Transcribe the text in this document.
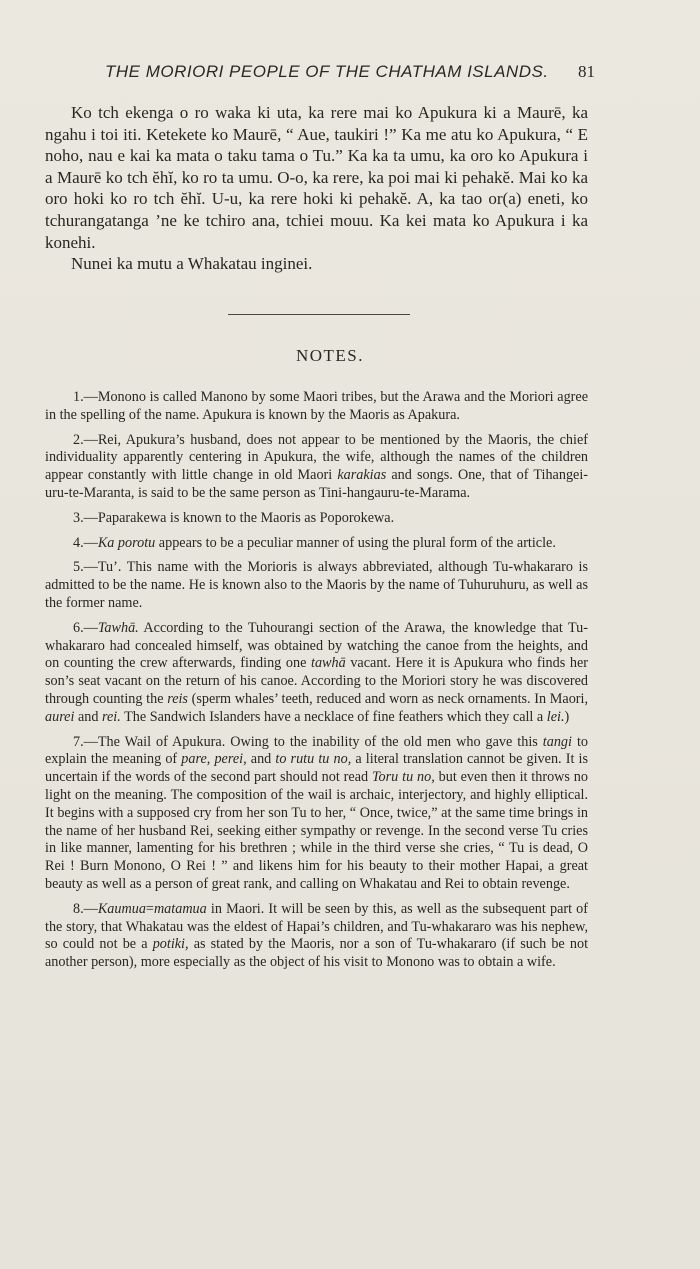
THE MORIORI PEOPLE OF THE CHATHAM ISLANDS. 81

Ko tch ekenga o ro waka ki uta, ka rere mai ko Apukura ki a Maurē, ka ngahu i toi iti. Ketekete ko Maurē, “ Aue, taukiri !” Ka me atu ko Apukura, “ E noho, nau e kai ka mata o taku tama o Tu.” Ka ka ta umu, ka oro ko Apukura i a Maurē ko tch ĕhĭ, ko ro ta umu. O-o, ka rere, ka poi mai ki pehakĕ. Mai ko ka oro hoki ko ro tch ĕhĭ. U-u, ka rere hoki ki pehakĕ. A, ka tao or(a) eneti, ko tchurangatanga ’ne ke tchiro ana, tchiei mouu. Ka kei mata ko Apukura i ka konehi.

Nunei ka mutu a Whakatau inginei.

NOTES.

1.—Monono is called Manono by some Maori tribes, but the Arawa and the Moriori agree in the spelling of the name. Apukura is known by the Maoris as Apakura.

2.—Rei, Apukura’s husband, does not appear to be mentioned by the Maoris, the chief individuality apparently centering in Apukura, the wife, although the names of the children appear constantly with little change in old Maori karakias and songs. One, that of Tihangei-uru-te-Maranta, is said to be the same person as Tini-hangauru-te-Marama.

3.—Paparakewa is known to the Maoris as Poporokewa.

4.—Ka porotu appears to be a peculiar manner of using the plural form of the article.

5.—Tu’. This name with the Morioris is always abbreviated, although Tu-whakararo is admitted to be the name. He is known also to the Maoris by the name of Tuhuruhuru, as well as the former name.

6.—Tawhā. According to the Tuhourangi section of the Arawa, the knowledge that Tu-whakararo had concealed himself, was obtained by watching the canoe from the heights, and on counting the crew afterwards, finding one tawhā vacant. Here it is Apukura who finds her son’s seat vacant on the return of his canoe. According to the Moriori story he was discovered through counting the reis (sperm whales’ teeth, reduced and worn as neck ornaments. In Maori, aurei and rei. The Sandwich Islanders have a necklace of fine feathers which they call a lei.)

7.—The Wail of Apukura. Owing to the inability of the old men who gave this tangi to explain the meaning of pare, perei, and to rutu tu no, a literal translation cannot be given. It is uncertain if the words of the second part should not read Toru tu no, but even then it throws no light on the meaning. The composition of the wail is archaic, interjectory, and highly elliptical. It begins with a supposed cry from her son Tu to her, “ Once, twice,” at the same time brings in the name of her husband Rei, seeking either sympathy or revenge. In the second verse Tu cries in like manner, lamenting for his brethren ; while in the third verse she cries, “ Tu is dead, O Rei ! Burn Monono, O Rei ! ” and likens him for his beauty to their mother Hapai, a great beauty as well as a person of great rank, and calling on Whakatau and Rei to obtain revenge.

8.—Kaumua=matamua in Maori. It will be seen by this, as well as the subsequent part of the story, that Whakatau was the eldest of Hapai’s children, and Tu-whakararo was his nephew, so could not be a potiki, as stated by the Maoris, nor a son of Tu-whakararo (if such be not another person), more especially as the object of his visit to Monono was to obtain a wife.
